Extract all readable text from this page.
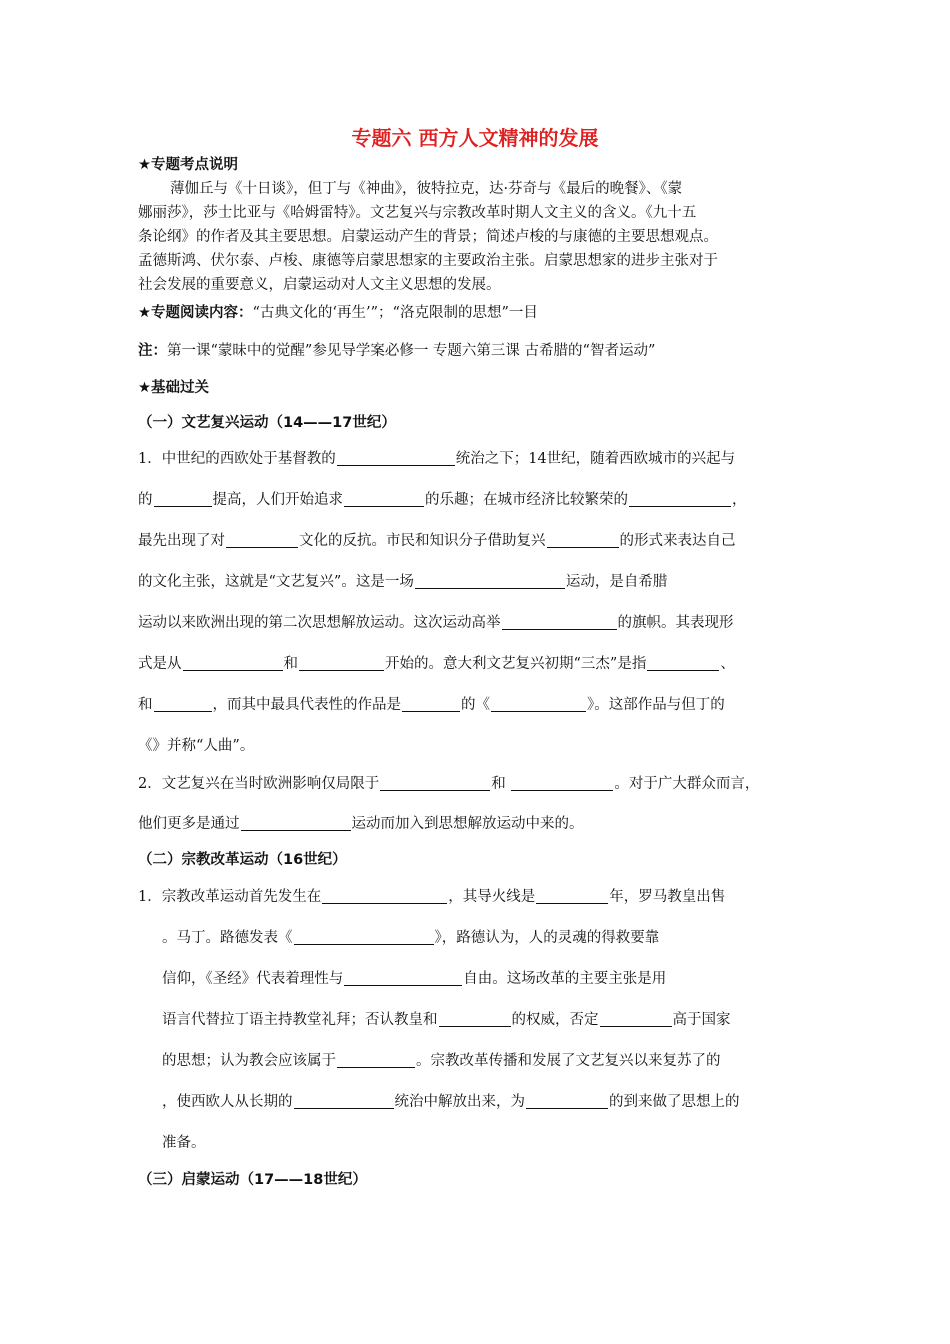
专题六 西方人文精神的发展
★专题考点说明
薄伽丘与《十日谈》，但丁与《神曲》，彼特拉克，达·芬奇与《最后的晚餐》、《蒙
娜丽莎》，莎士比亚与《哈姆雷特》。文艺复兴与宗教改革时期人文主义的含义。《九十五
条论纲》的作者及其主要思想。启蒙运动产生的背景；简述卢梭的与康德的主要思想观点。
孟德斯鸿、伏尔泰、卢梭、康德等启蒙思想家的主要政治主张。启蒙思想家的进步主张对于
社会发展的重要意义，启蒙运动对人文主义思想的发展。
★专题阅读内容：“古典文化的‘再生’”；“洛克限制的思想”一目
注：第一课“蒙昧中的觉醒”参见导学案必修一 专题六第三课 古希腊的“智者运动”
★基础过关
（一）文艺复兴运动（14——17世纪）
1．中世纪的西欧处于基督教的	统治之下；14世纪，随着西欧城市的兴起与
的	提高，人们开始追求	的乐趣；在城市经济比较繁荣的	，
最先出现了对	文化的反抗。市民和知识分子借助复兴	的形式来表达自己
的文化主张，这就是“文艺复兴”。这是一场	运动，是自希腊
运动以来欧洲出现的第二次思想解放运动。这次运动高举	的旗帜。其表现形
式是从	和	开始的。意大利文艺复兴初期“三杰”是指	、
和	，而其中最具代表性的作品是	的《	》。这部作品与但丁的
《》并称“人曲”。
2．文艺复兴在当时欧洲影响仅局限于	和	。对于广大群众而言，
他们更多是通过	运动而加入到思想解放运动中来的。
（二）宗教改革运动（16世纪）
1．宗教改革运动首先发生在	，其导火线是	年，罗马教皇出售
。马丁。路德发表《	》，路德认为，人的灵魂的得救要靠
信仰，《圣经》代表着理性与	自由。这场改革的主要主张是用
语言代替拉丁语主持教堂礼拜；否认教皇和	的权威，否定	高于国家
的思想；认为教会应该属于	。宗教改革传播和发展了文艺复兴以来复苏了的
，使西欧人从长期的	统治中解放出来，为	的到来做了思想上的
准备。
（三）启蒙运动（17——18世纪）
